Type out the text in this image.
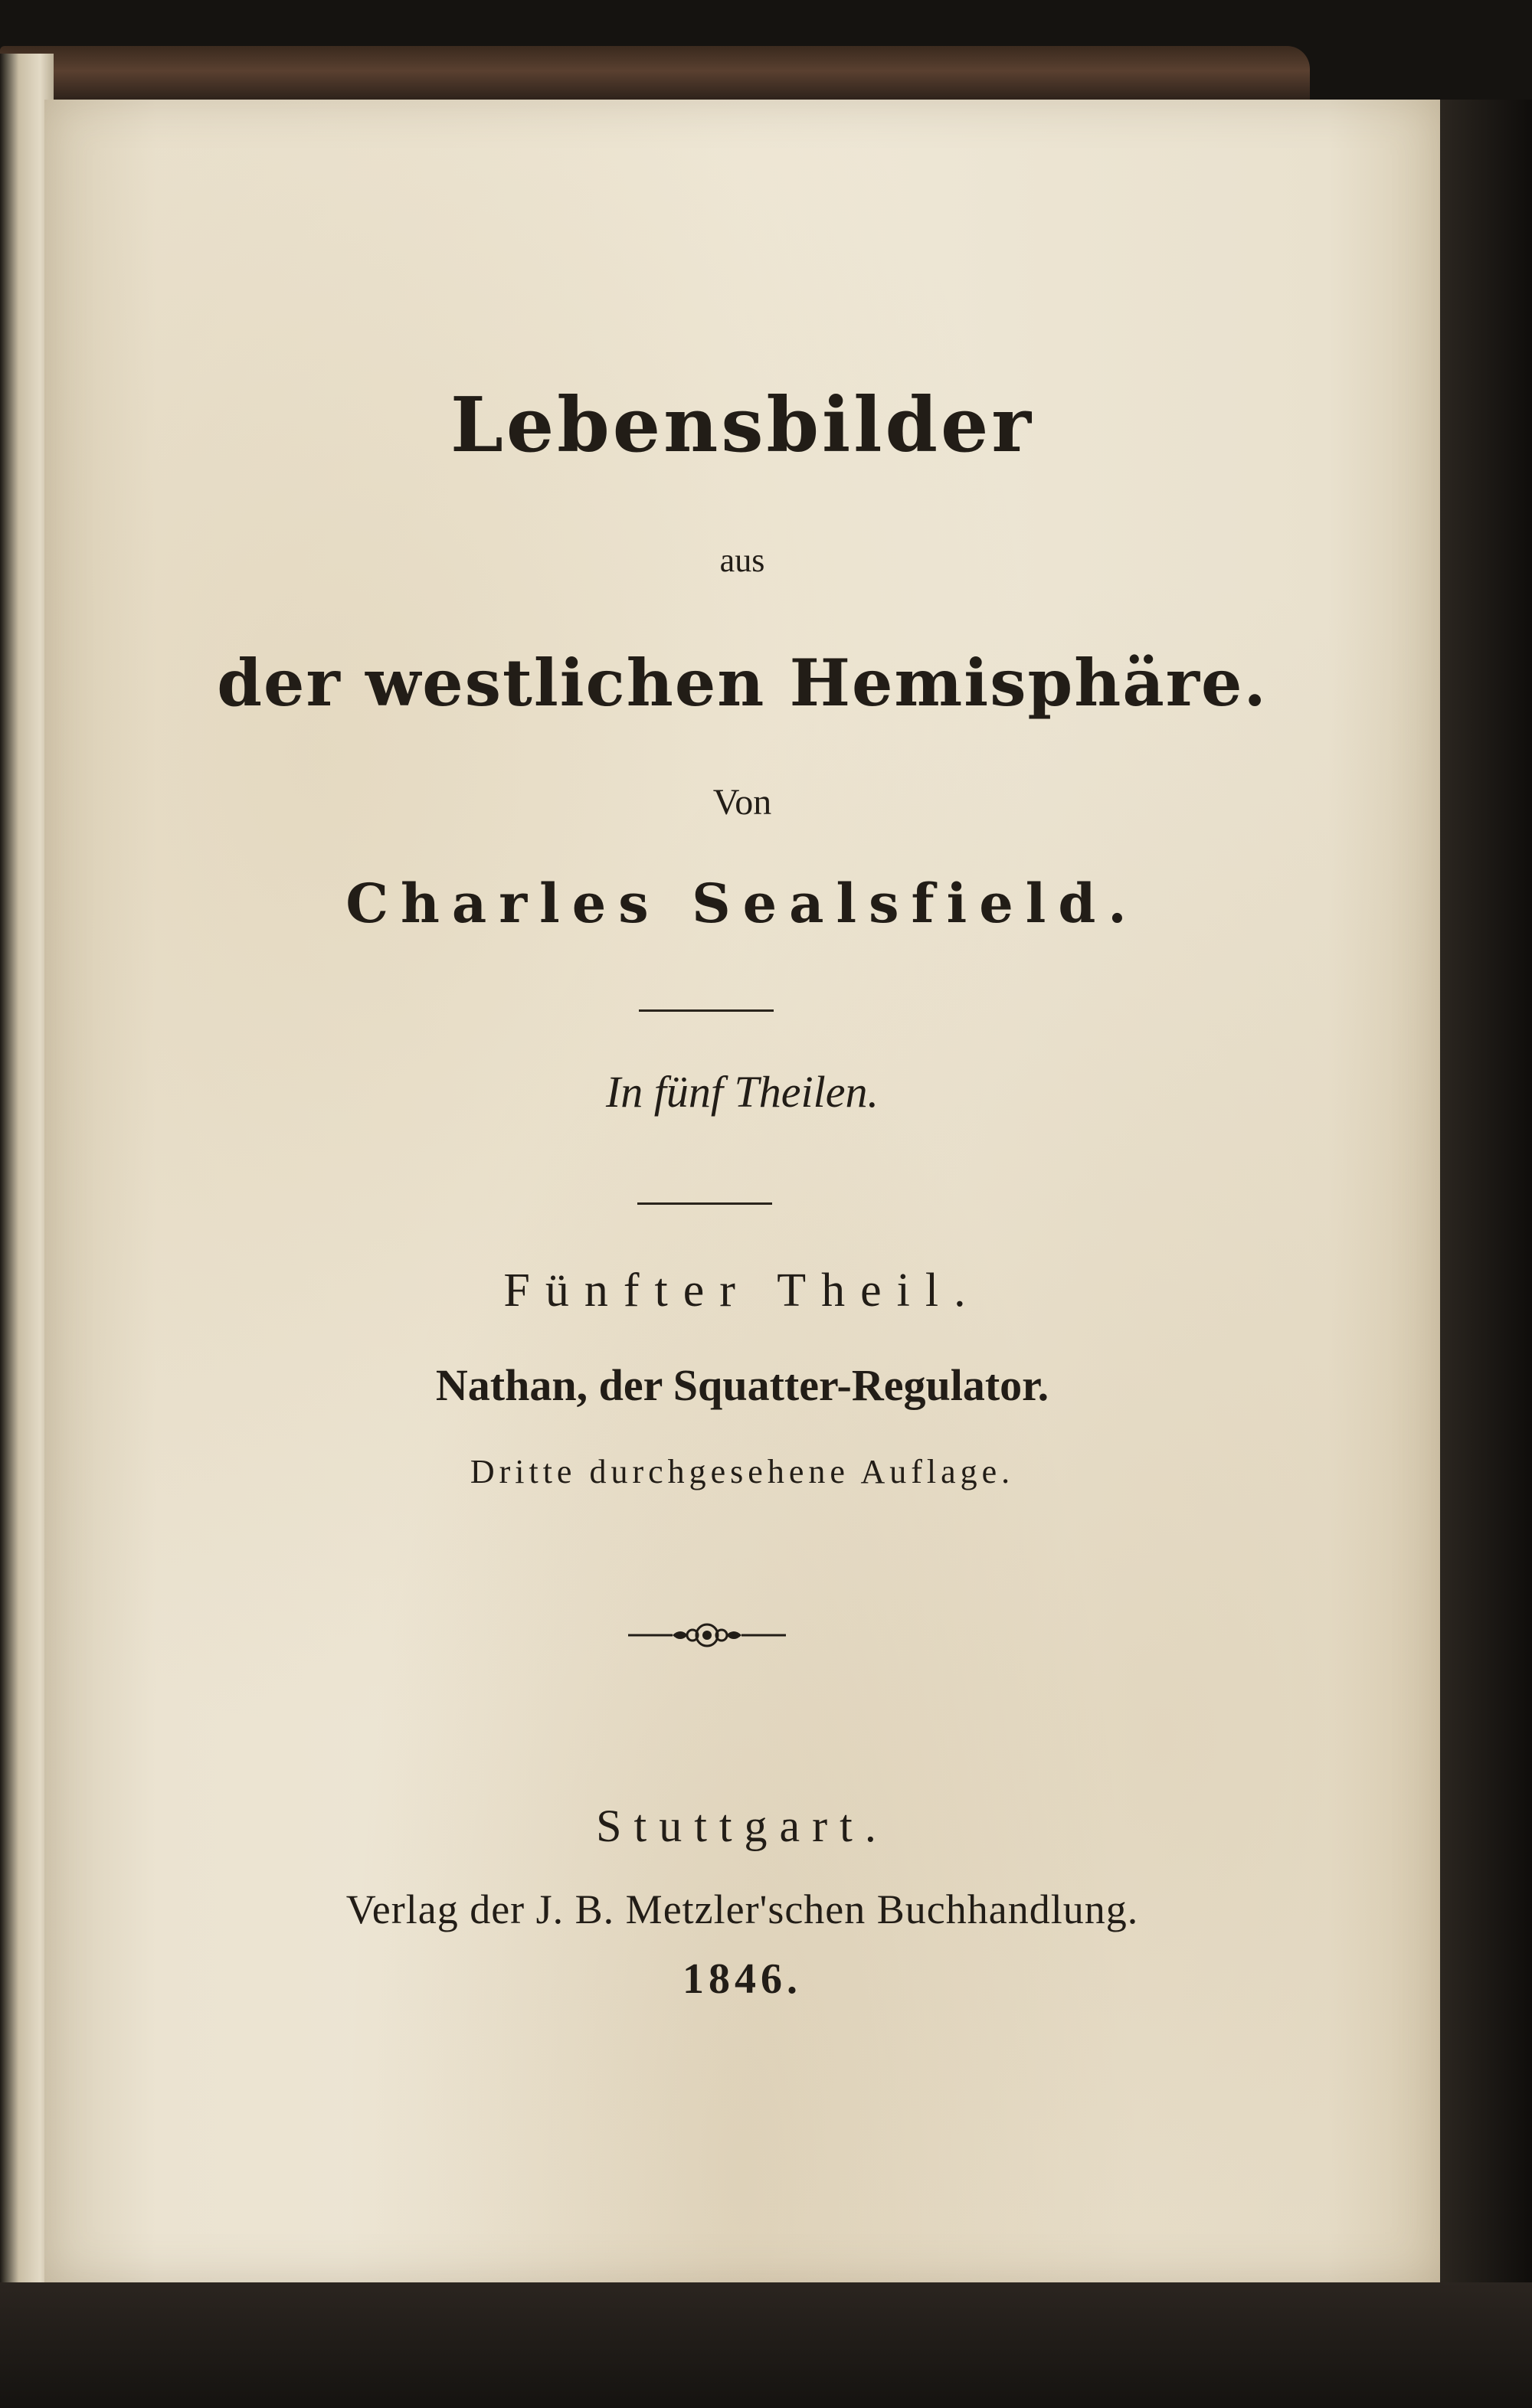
Lebensbilder
aus
der westlichen Hemisphäre.
Von
Charles Sealsfield.
In fünf Theilen.
Fünfter Theil.
Nathan, der Squatter-Regulator.
Dritte durchgesehene Auflage.
Stuttgart.
Verlag der J. B. Metzler'schen Buchhandlung.
1846.
